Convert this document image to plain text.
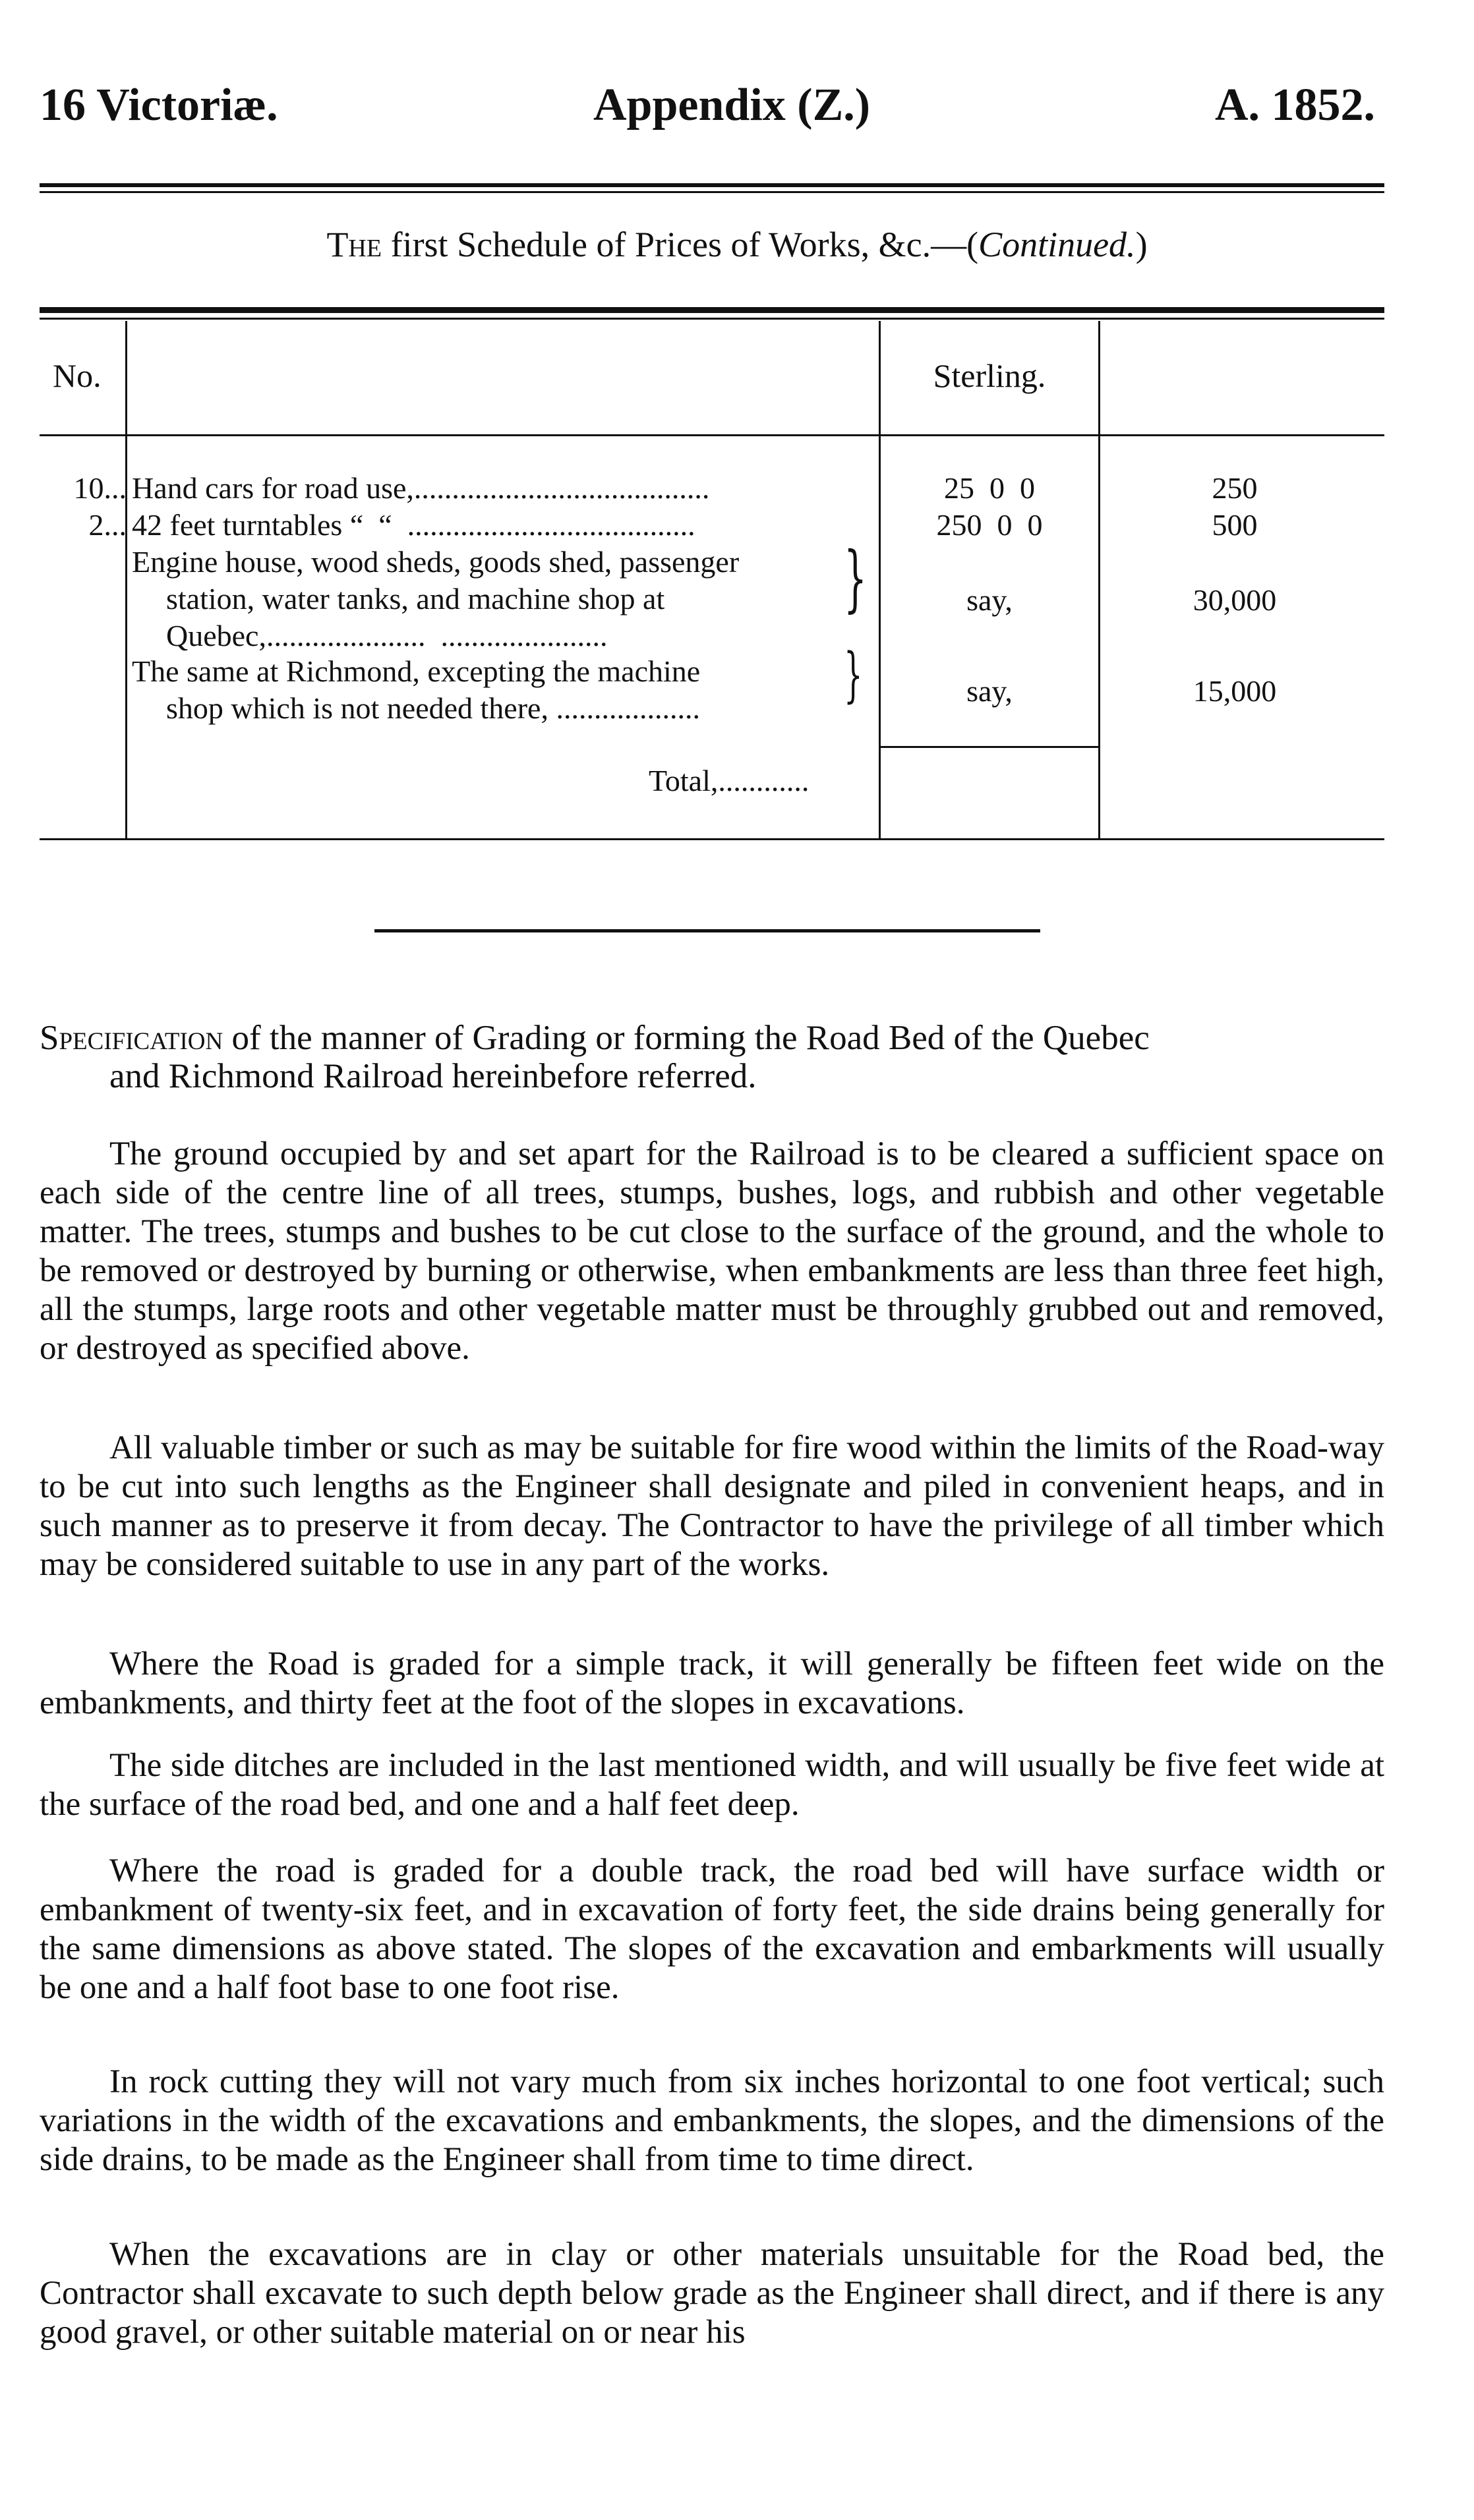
16 Victoriæ.	Appendix (Z.)	A. 1852.
The first Schedule of Prices of Works, &c.—(Continued.)
No.	Sterling.
10... Hand cars for road use,.......................................	25  0  0	250
2... 42 feet turntables “  “  ......................................	250  0  0	500
Engine house, wood sheds, goods shed, passenger
station, water tanks, and machine shop at
Quebec,.....................  ......................
}	say,	30,000
The same at Richmond, excepting the machine
shop which is not needed there, ...................	}	say,	15,000
Total,............
Specification of the manner of Grading or forming the Road Bed of the Quebec
and Richmond Railroad hereinbefore referred.
The ground occupied by and set apart for the Railroad is to be cleared a sufficient space on each side of the centre line of all trees, stumps, bushes, logs, and rubbish and other vegetable matter. The trees, stumps and bushes to be cut close to the surface of the ground, and the whole to be removed or destroyed by burning or otherwise, when embankments are less than three feet high, all the stumps, large roots and other vegetable matter must be throughly grubbed out and removed, or destroyed as specified above.
All valuable timber or such as may be suitable for fire wood within the limits of the Road-way to be cut into such lengths as the Engineer shall designate and piled in convenient heaps, and in such manner as to preserve it from decay. The Contractor to have the privilege of all timber which may be considered suitable to use in any part of the works.
Where the Road is graded for a simple track, it will generally be fifteen feet wide on the embankments, and thirty feet at the foot of the slopes in excavations.
The side ditches are included in the last mentioned width, and will usually be five feet wide at the surface of the road bed, and one and a half feet deep.
Where the road is graded for a double track, the road bed will have surface width or embankment of twenty-six feet, and in excavation of forty feet, the side drains being generally for the same dimensions as above stated. The slopes of the excavation and embarkments will usually be one and a half foot base to one foot rise.
In rock cutting they will not vary much from six inches horizontal to one foot vertical; such variations in the width of the excavations and embankments, the slopes, and the dimensions of the side drains, to be made as the Engineer shall from time to time direct.
When the excavations are in clay or other materials unsuitable for the Road bed, the Contractor shall excavate to such depth below grade as the Engineer shall direct, and if there is any good gravel, or other suitable material on or near his
